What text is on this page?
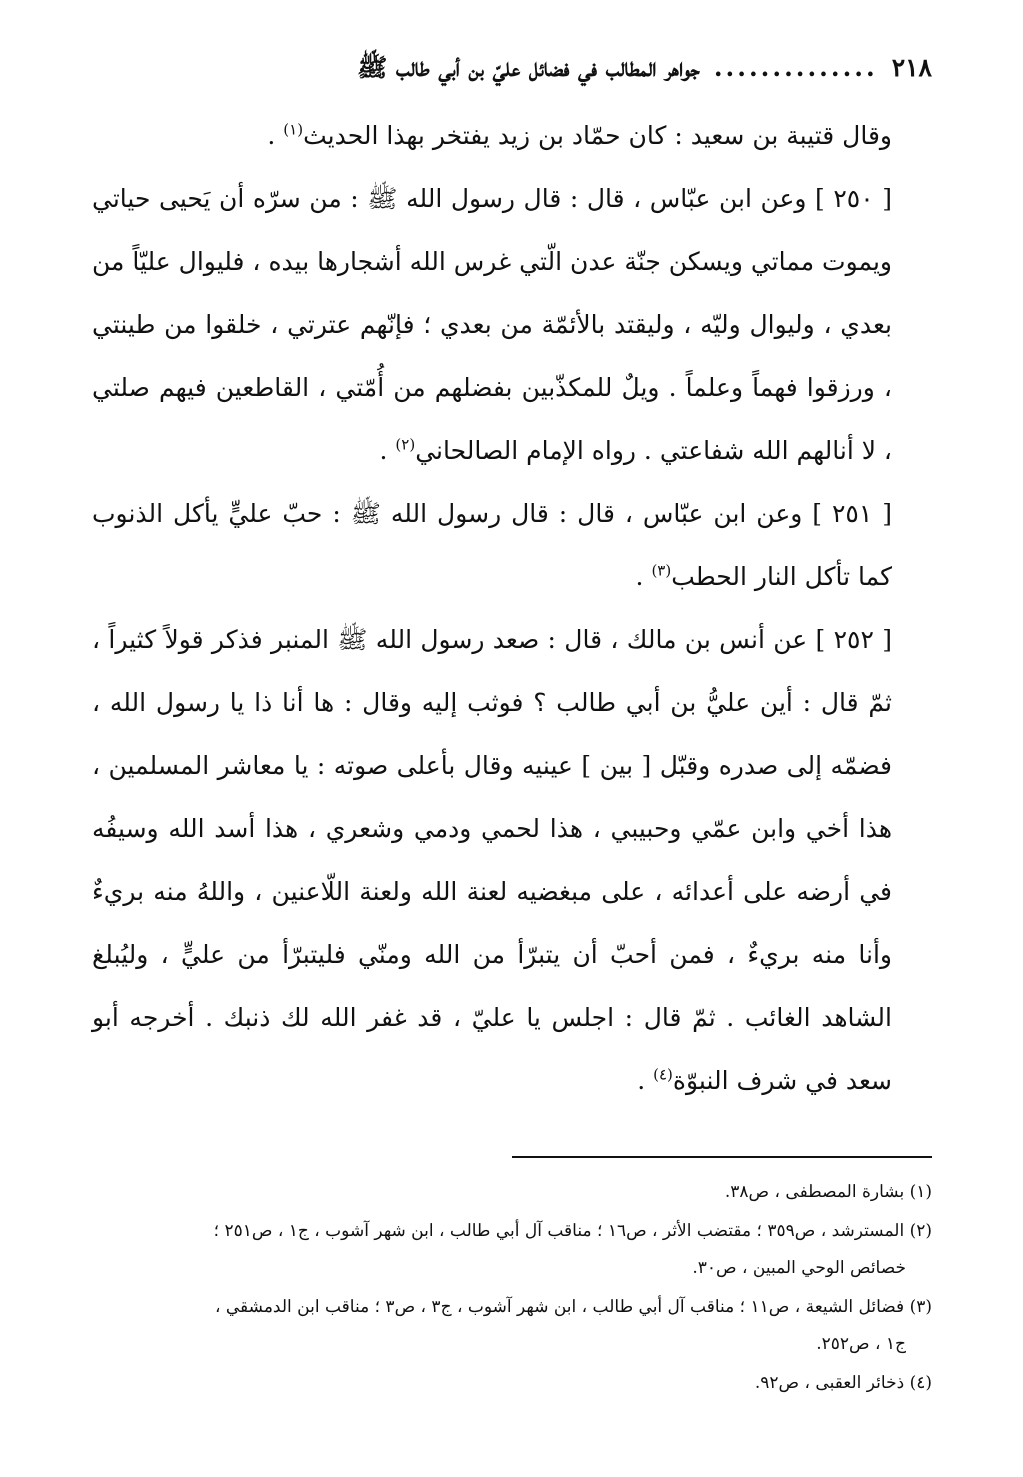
٢١٨
..............
جواهر المطالب في فضائل عليّ بن أبي طالب ﷺ

وقال قتيبة بن سعيد : كان حمّاد بن زيد يفتخر بهذا الحديث$^{(١)}$ .

[ ٢٥٠ ] وعن ابن عبّاس ، قال : قال رسول الله ﷺ : من سرّه أن يَحيى حياتي ويموت مماتي ويسكن جنّة عدن الّتي غرس الله أشجارها بيده ، فليوال عليّاً من بعدي ، وليوال وليّه ، وليقتد بالأئمّة من بعدي ؛ فإنّهم عترتي ، خلقوا من طينتي ، ورزقوا فهماً وعلماً . ويلٌ للمكذّبين بفضلهم من أُمّتي ، القاطعين فيهم صلتي ، لا أنالهم الله شفاعتي . رواه الإمام الصالحاني$^{(٢)}$ .

[ ٢٥١ ] وعن ابن عبّاس ، قال : قال رسول الله ﷺ : حبّ عليٍّ يأكل الذنوب كما تأكل النار الحطب$^{(٣)}$ .

[ ٢٥٢ ] عن أنس بن مالك ، قال : صعد رسول الله ﷺ المنبر فذكر قولاً كثيراً ، ثمّ قال : أين عليُّ بن أبي طالب ؟ فوثب إليه وقال : ها أنا ذا يا رسول الله ، فضمّه إلى صدره وقبّل [ بين ] عينيه وقال بأعلى صوته : يا معاشر المسلمين ، هذا أخي وابن عمّي وحبيبي ، هذا لحمي ودمي وشعري ، هذا أسد الله وسيفُه في أرضه على أعدائه ، على مبغضيه لعنة الله ولعنة اللّاعنين ، واللهُ منه بريءٌ وأنا منه بريءٌ ، فمن أحبّ أن يتبرّأ من الله ومنّي فليتبرّأ من عليٍّ ، وليُبلغ الشاهد الغائب . ثمّ قال : اجلس يا عليّ ، قد غفر الله لك ذنبك . أخرجه أبو سعد في شرف النبوّة$^{(٤)}$ .

(١) بشارة المصطفى ، ص٣٨.

(٢) المسترشد ، ص٣٥٩ ؛ مقتضب الأثر ، ص١٦ ؛ مناقب آل أبي طالب ، ابن شهر آشوب ، ج١ ، ص٢٥١ ؛
خصائص الوحي المبين ، ص٣٠.

(٣) فضائل الشيعة ، ص١١ ؛ مناقب آل أبي طالب ، ابن شهر آشوب ، ج٣ ، ص٣ ؛ مناقب ابن الدمشقي ،
ج١ ، ص٢٥٢.

(٤) ذخائر العقبى ، ص٩٢.
